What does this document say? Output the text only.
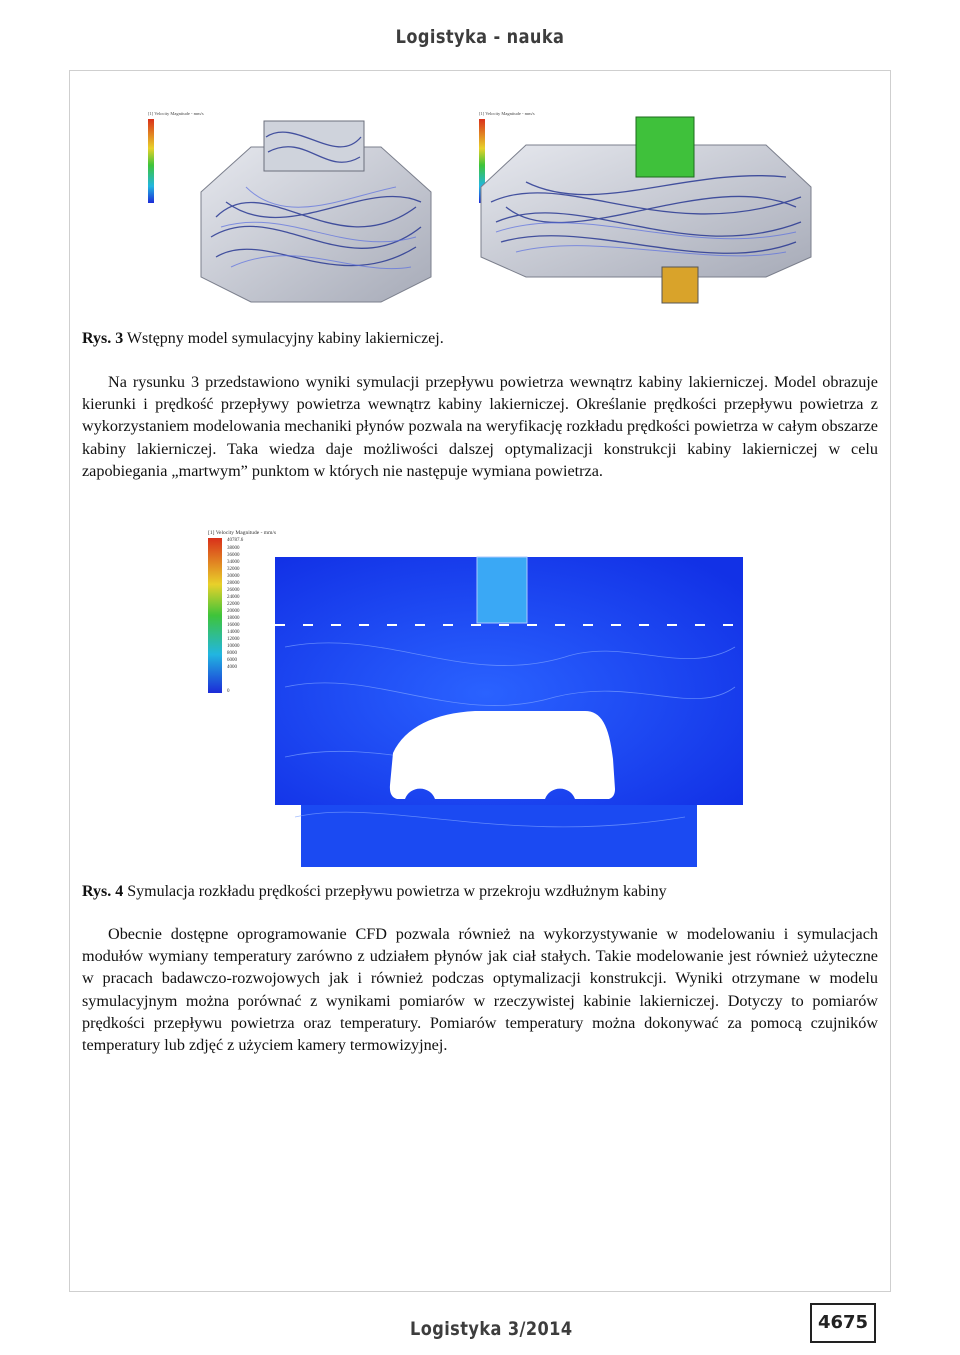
Logistyka - nauka
[1] Velocity Magnitude - mm/s	[1] Velocity Magnitude - mm/s
Rys. 3 Wstępny model symulacyjny kabiny lakierniczej.
Na rysunku 3 przedstawiono wyniki symulacji przepływu powietrza wewnątrz kabiny lakierniczej. Model obrazuje kierunki i prędkość przepływy powietrza wewnątrz kabiny lakierniczej. Określanie prędkości przepływu powietrza z wykorzystaniem modelowania mechaniki płynów pozwala na weryfikację rozkładu prędkości powietrza w całym obszarze kabiny lakierniczej. Taka wiedza daje możliwości dalszej optymalizacji konstrukcji kabiny lakierniczej w celu zapobiegania „martwym” punktom w których nie następuje wymiana powietrza.
[1] Velocity Magnitude - mm/s
40787.6
38000
36000
34000
32000
30000
28000
26000
24000
22000
20000
18000
16000
14000
12000
10000
8000
6000
4000
0
Rys. 4 Symulacja rozkładu prędkości przepływu powietrza w przekroju wzdłużnym kabiny
Obecnie dostępne oprogramowanie CFD pozwala również na wykorzystywanie w modelowaniu i symulacjach modułów wymiany temperatury zarówno z udziałem płynów jak ciał stałych. Takie modelowanie jest również użyteczne w pracach badawczo-rozwojowych jak i również podczas optymalizacji konstrukcji. Wyniki otrzymane w modelu symulacyjnym można porównać z wynikami pomiarów w rzeczywistej kabinie lakierniczej. Dotyczy to pomiarów prędkości przepływu powietrza oraz temperatury. Pomiarów temperatury można dokonywać za pomocą czujników temperatury lub zdjęć z użyciem kamery termowizyjnej.
Logistyka 3/2014	4675
